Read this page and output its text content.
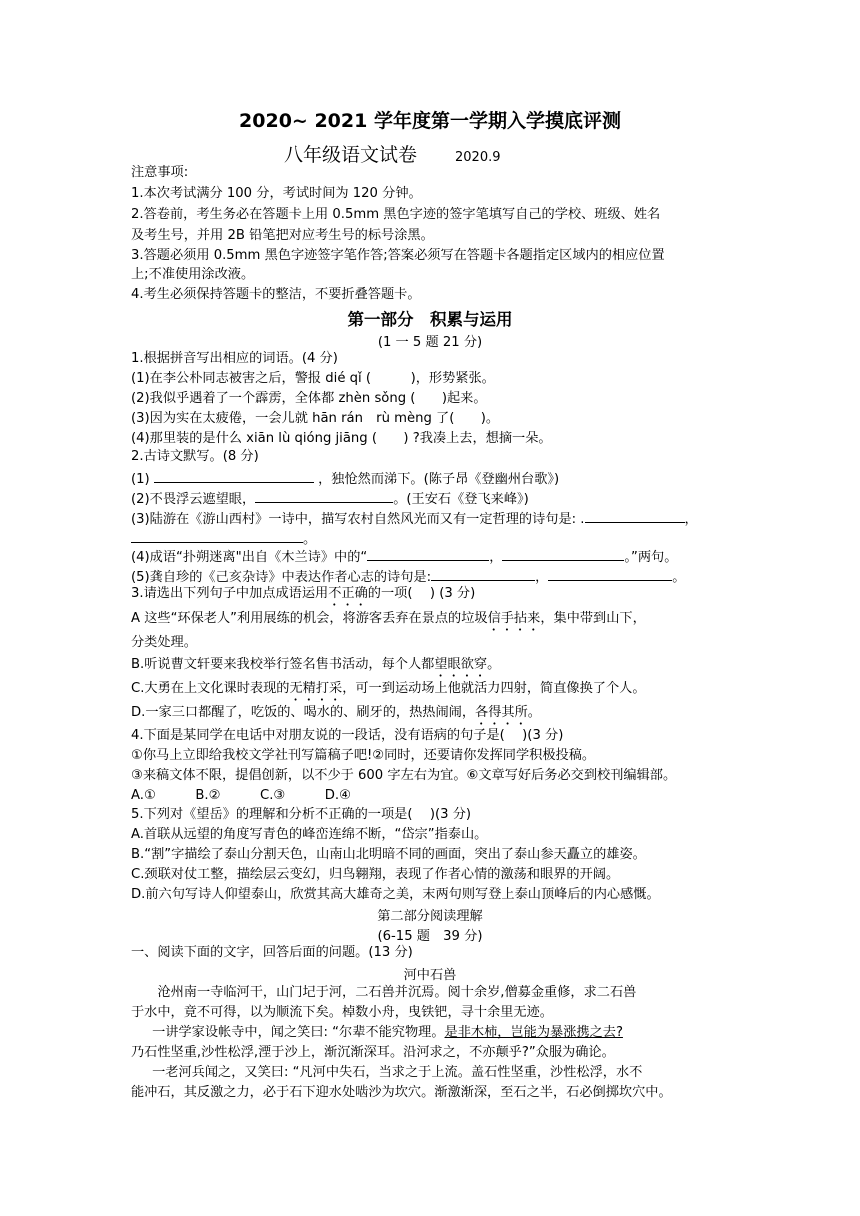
2020~ 2021 学年度第一学期入学摸底评测
八年级语文试卷	2020.9
注意事项:
1.本次考试满分 100 分，考试时间为 120 分钟。
2.答卷前，考生务必在答题卡上用 0.5mm 黑色字迹的签字笔填写自己的学校、班级、姓名
及考生号，并用 2B 铅笔把对应考生号的标号涂黑。
3.答题必须用 0.5mm 黑色字迹签字笔作答;答案必须写在答题卡各题指定区域内的相应位置
上;不准使用涂改液。
4.考生必须保持答题卡的整洁，不要折叠答题卡。
第一部分　积累与运用
(1 一 5 题 21 分)
1.根据拼音写出相应的词语。(4 分)
(1)在李公朴同志被害之后，警报 dié qǐ (　　　)，形势紧张。
(2)我似乎遇着了一个霹雳，全体都 zhèn sǒng (　　)起来。
(3)因为实在太疲倦，一会儿就 hān rán　rù mèng 了(　　)。
(4)那里装的是什么 xiān lù qióng jiāng (　　) ?我凑上去，想摘一朵。
2.古诗文默写。(8 分)
(1)	，独怆然而涕下。(陈子昂《登幽州台歌》)
(2)不畏浮云遮望眼，	。(王安石《登飞来峰》)
(3)陆游在《游山西村》一诗中，描写农村自然风光而又有一定哲理的诗句是: .	，
。
(4)成语“扑朔迷离"出自《木兰诗》中的“	，	。”两句。
(5)龚自珍的《己亥杂诗》中表达作者心志的诗句是:	，	。
3.请选出下列句子中加点成语运用不正确的一项(　 ) (3 分)
A 这些“环保老人”利用展练的机会，将游客丢弃在景点的垃圾信手拈来，集中带到山下，
分类处理。
B.听说曹文轩要来我校举行签名售书活动，每个人都望眼欲穿。
C.大勇在上文化课时表现的无精打采，可一到运动场上他就活力四射，简直像换了个人。
D.一家三口都醒了，吃饭的、喝水的、刷牙的，热热闹闹，各得其所。
4.下面是某同学在电话中对朋友说的一段话，没有语病的句子是(　 )(3 分)
①你马上立即给我校文学社刊写篇稿子吧!②同时，还要请你发挥同学积极投稿。
③来稿文体不限，提倡创新，以不少于 600 字左右为宜。⑥文章写好后务必交到校刊编辑部。
A.①　　　B.②　　　C.③　　　D.④
5.下列对《望岳》的理解和分析不正确的一项是(　 )(3 分)
A.首联从远望的角度写青色的峰峦连绵不断，“岱宗”指泰山。
B.“割”字描绘了泰山分割天色，山南山北明暗不同的画面，突出了泰山参天矗立的雄姿。
C.颈联对仗工整，描绘层云变幻，归鸟翱翔，表现了作者心情的激荡和眼界的开阔。
D.前六句写诗人仰望泰山，欣赏其高大雄奇之美，末两句则写登上泰山顶峰后的内心感慨。
第二部分阅读理解
(6-15 题　39 分)
一、阅读下面的文字，回答后面的问题。(13 分)
河中石兽
沧州南一寺临河干，山门圮于河，二石兽并沉焉。阅十余岁,僧募金重修，求二石兽
于水中，竟不可得，以为顺流下矣。棹数小舟，曳铁钯，寻十余里无迹。
一讲学家设帐寺中，闻之笑曰: “尔辈不能究物理。是非木柿，岂能为暴涨携之去?
乃石性坚重,沙性松浮,湮于沙上，渐沉渐深耳。沿河求之，不亦颠乎?”众服为确论。
一老河兵闻之，又笑曰: “凡河中失石，当求之于上流。盖石性坚重，沙性松浮，水不
能冲石，其反激之力，必于石下迎水处啮沙为坎穴。渐激渐深，至石之半，石必倒掷坎穴中。
